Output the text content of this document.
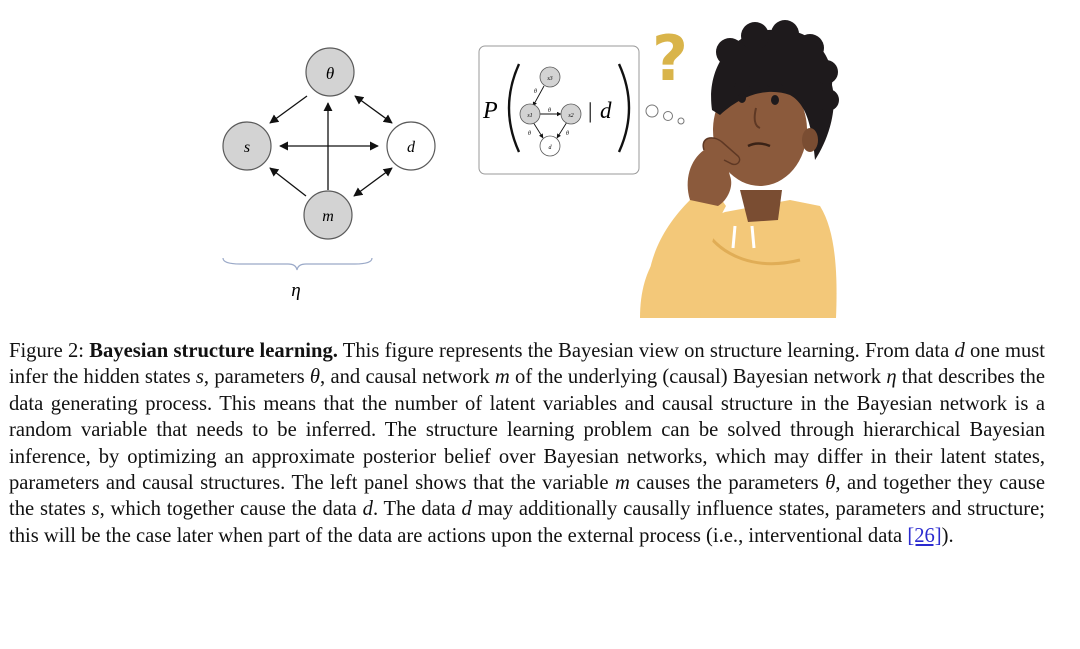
θ
s	d
m
η
P
s3
s1	s2
d
θ
θ
θ	θ
| d
?
Figure 2: Bayesian structure learning. This figure represents the Bayesian view on structure learning. From data d one must infer the hidden states s, parameters θ, and causal network m of the underlying (causal) Bayesian network η that describes the data generating process. This means that the number of latent variables and causal structure in the Bayesian network is a random variable that needs to be inferred. The structure learning problem can be solved through hierarchical Bayesian inference, by optimizing an approximate posterior belief over Bayesian networks, which may differ in their latent states, parameters and causal structures. The left panel shows that the variable m causes the parameters θ, and together they cause the states s, which together cause the data d. The data d may additionally causally influence states, parameters and structure; this will be the case later when part of the data are actions upon the external process (i.e., interventional data [26]).
